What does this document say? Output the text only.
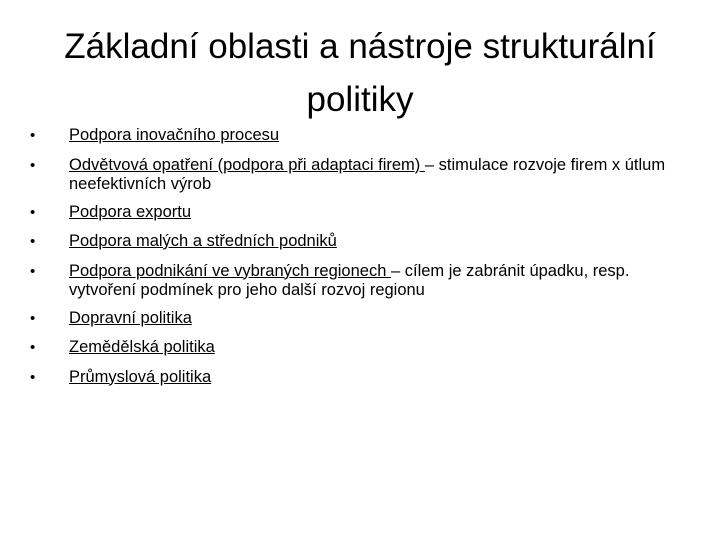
Základní oblasti a nástroje strukturální politiky
•	Podpora inovačního procesu
•	Odvětvová opatření (podpora při adaptaci firem) – stimulace rozvoje firem x útlum neefektivních výrob
•	Podpora exportu
•	Podpora malých a středních podniků
•	Podpora podnikání ve vybraných regionech – cílem je zabránit úpadku, resp. vytvoření podmínek pro jeho další rozvoj regionu
•	Dopravní politika
•	Zemědělská politika
•	Průmyslová politika
